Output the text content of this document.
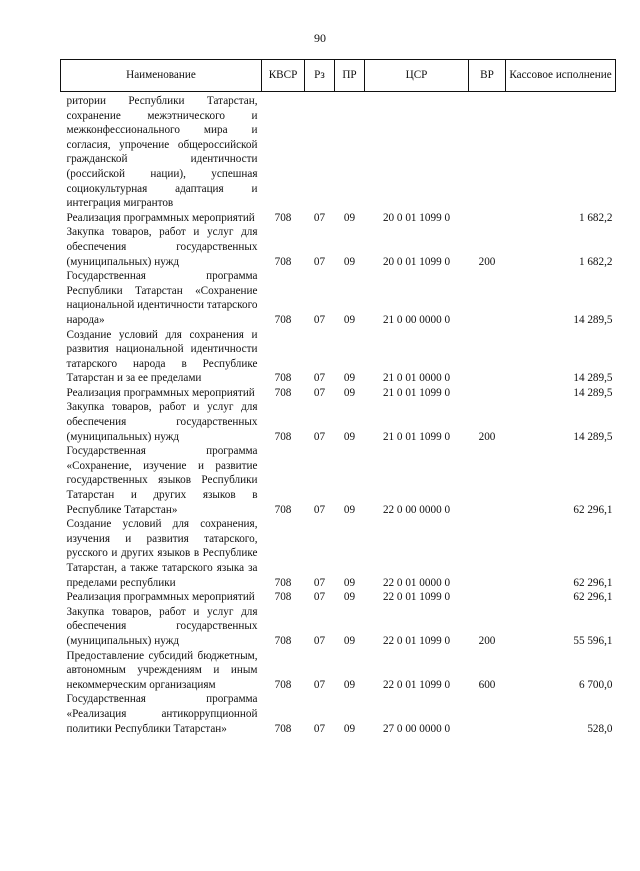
90
Наименование	КВСР	Рз	ПР	ЦСР	ВР	Кассовое исполнение
ритории Республики Татарстан, сохранение межэтнического и межконфессионального мира и согласия, упрочение общероссийской гражданской идентичности (российской нации), успешная социокультурная адаптация и интеграция мигрантов						
Реализация программных мероприятий	708	07	09	20 0 01 1099 0		1 682,2
Закупка товаров, работ и услуг для обеспечения государственных (муниципальных) нужд	708	07	09	20 0 01 1099 0	200	1 682,2
Государственная программа Республики Татарстан «Сохранение национальной идентичности татарского народа»	708	07	09	21 0 00 0000 0		14 289,5
Создание условий для сохранения и развития национальной идентичности татарского народа в Республике Татарстан и за ее пределами	708	07	09	21 0 01 0000 0		14 289,5
Реализация программных мероприятий	708	07	09	21 0 01 1099 0		14 289,5
Закупка товаров, работ и услуг для обеспечения государственных (муниципальных) нужд	708	07	09	21 0 01 1099 0	200	14 289,5
Государственная программа «Сохранение, изучение и развитие государственных языков Республики Татарстан и других языков в Республике Татарстан»	708	07	09	22 0 00 0000 0		62 296,1
Создание условий для сохранения, изучения и развития татарского, русского и других языков в Республике Татарстан, а также татарского языка за пределами республики	708	07	09	22 0 01 0000 0		62 296,1
Реализация программных мероприятий	708	07	09	22 0 01 1099 0		62 296,1
Закупка товаров, работ и услуг для обеспечения государственных (муниципальных) нужд	708	07	09	22 0 01 1099 0	200	55 596,1
Предоставление субсидий бюджетным, автономным учреждениям и иным некоммерческим организациям	708	07	09	22 0 01 1099 0	600	6 700,0
Государственная программа «Реализация антикоррупционной политики Республики Татарстан»	708	07	09	27 0 00 0000 0		528,0
